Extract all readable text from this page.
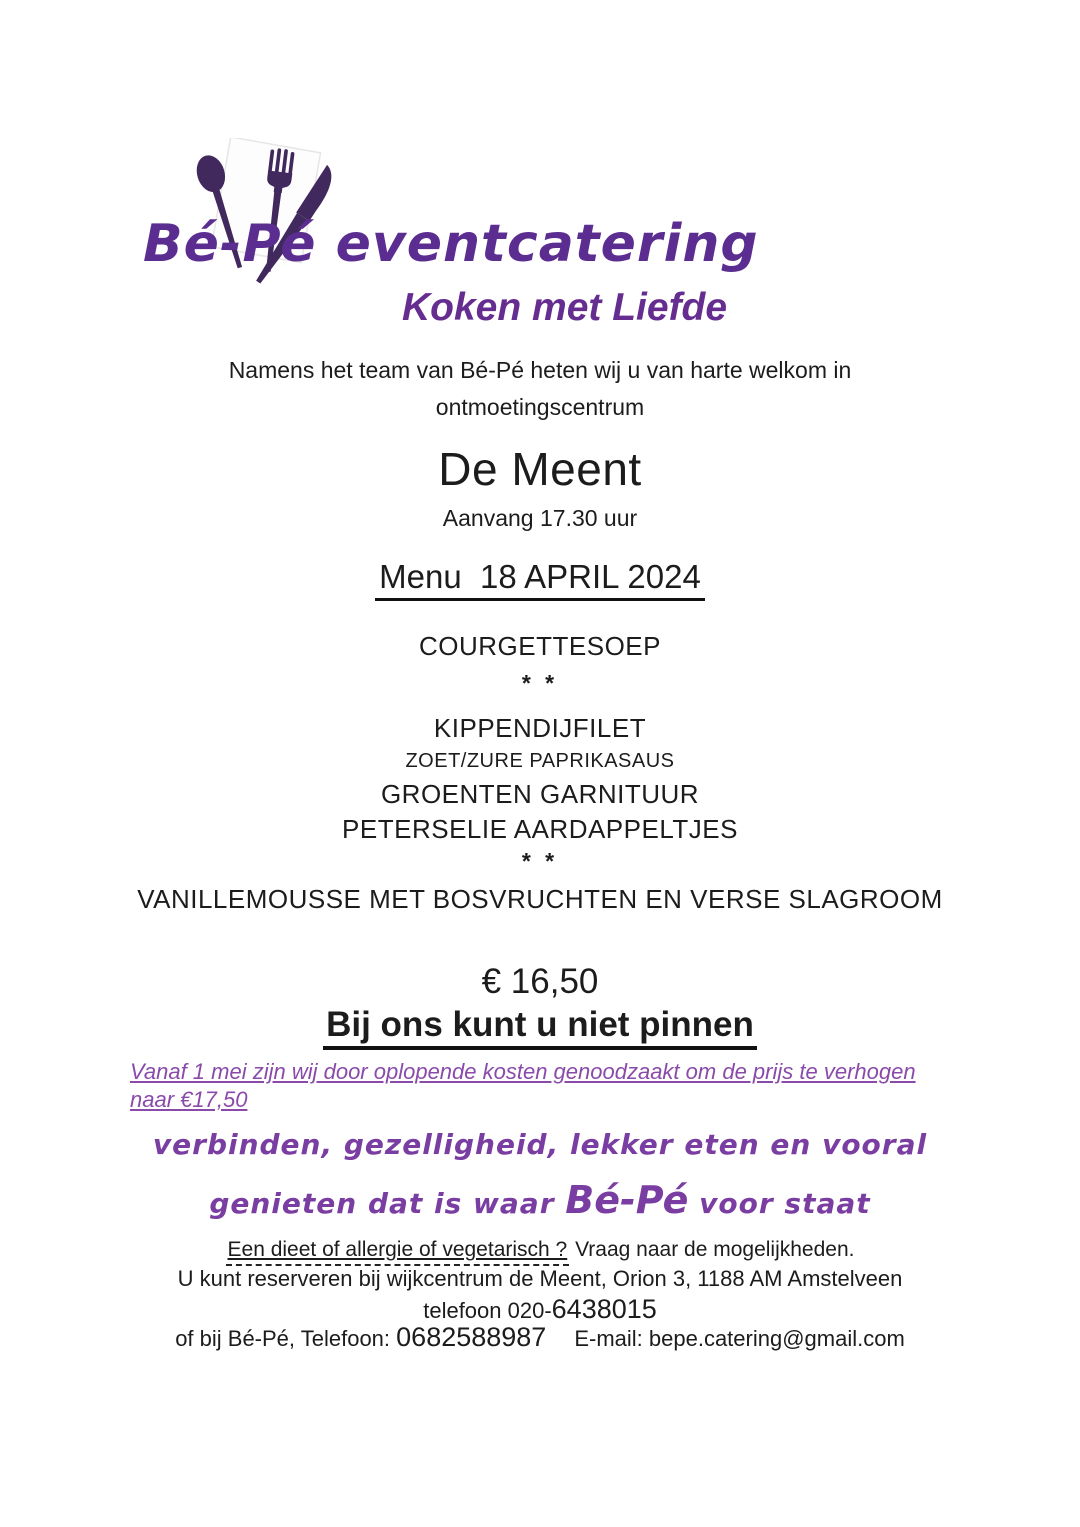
Bé-Pé eventcatering
Koken met Liefde
Namens het team van Bé-Pé heten wij u van harte welkom in
ontmoetingscentrum
De Meent
Aanvang 17.30 uur
Menu  18 APRIL 2024
COURGETTESOEP
* *
KIPPENDIJFILET
ZOET/ZURE PAPRIKASAUS
GROENTEN GARNITUUR
PETERSELIE AARDAPPELTJES
* *
VANILLEMOUSSE MET BOSVRUCHTEN EN VERSE SLAGROOM
€ 16,50
Bij ons kunt u niet pinnen
Vanaf 1 mei zijn wij door oplopende kosten genoodzaakt om de prijs te verhogen
naar €17,50
verbinden, gezelligheid, lekker eten en vooral
genieten dat is waar Bé-Pé voor staat
Een dieet of allergie of vegetarisch ? Vraag naar de mogelijkheden.
U kunt reserveren bij wijkcentrum de Meent, Orion 3, 1188 AM Amstelveen
telefoon 020-6438015
of bij Bé-Pé, Telefoon: 0682588987 E-mail: bepe.catering@gmail.com
